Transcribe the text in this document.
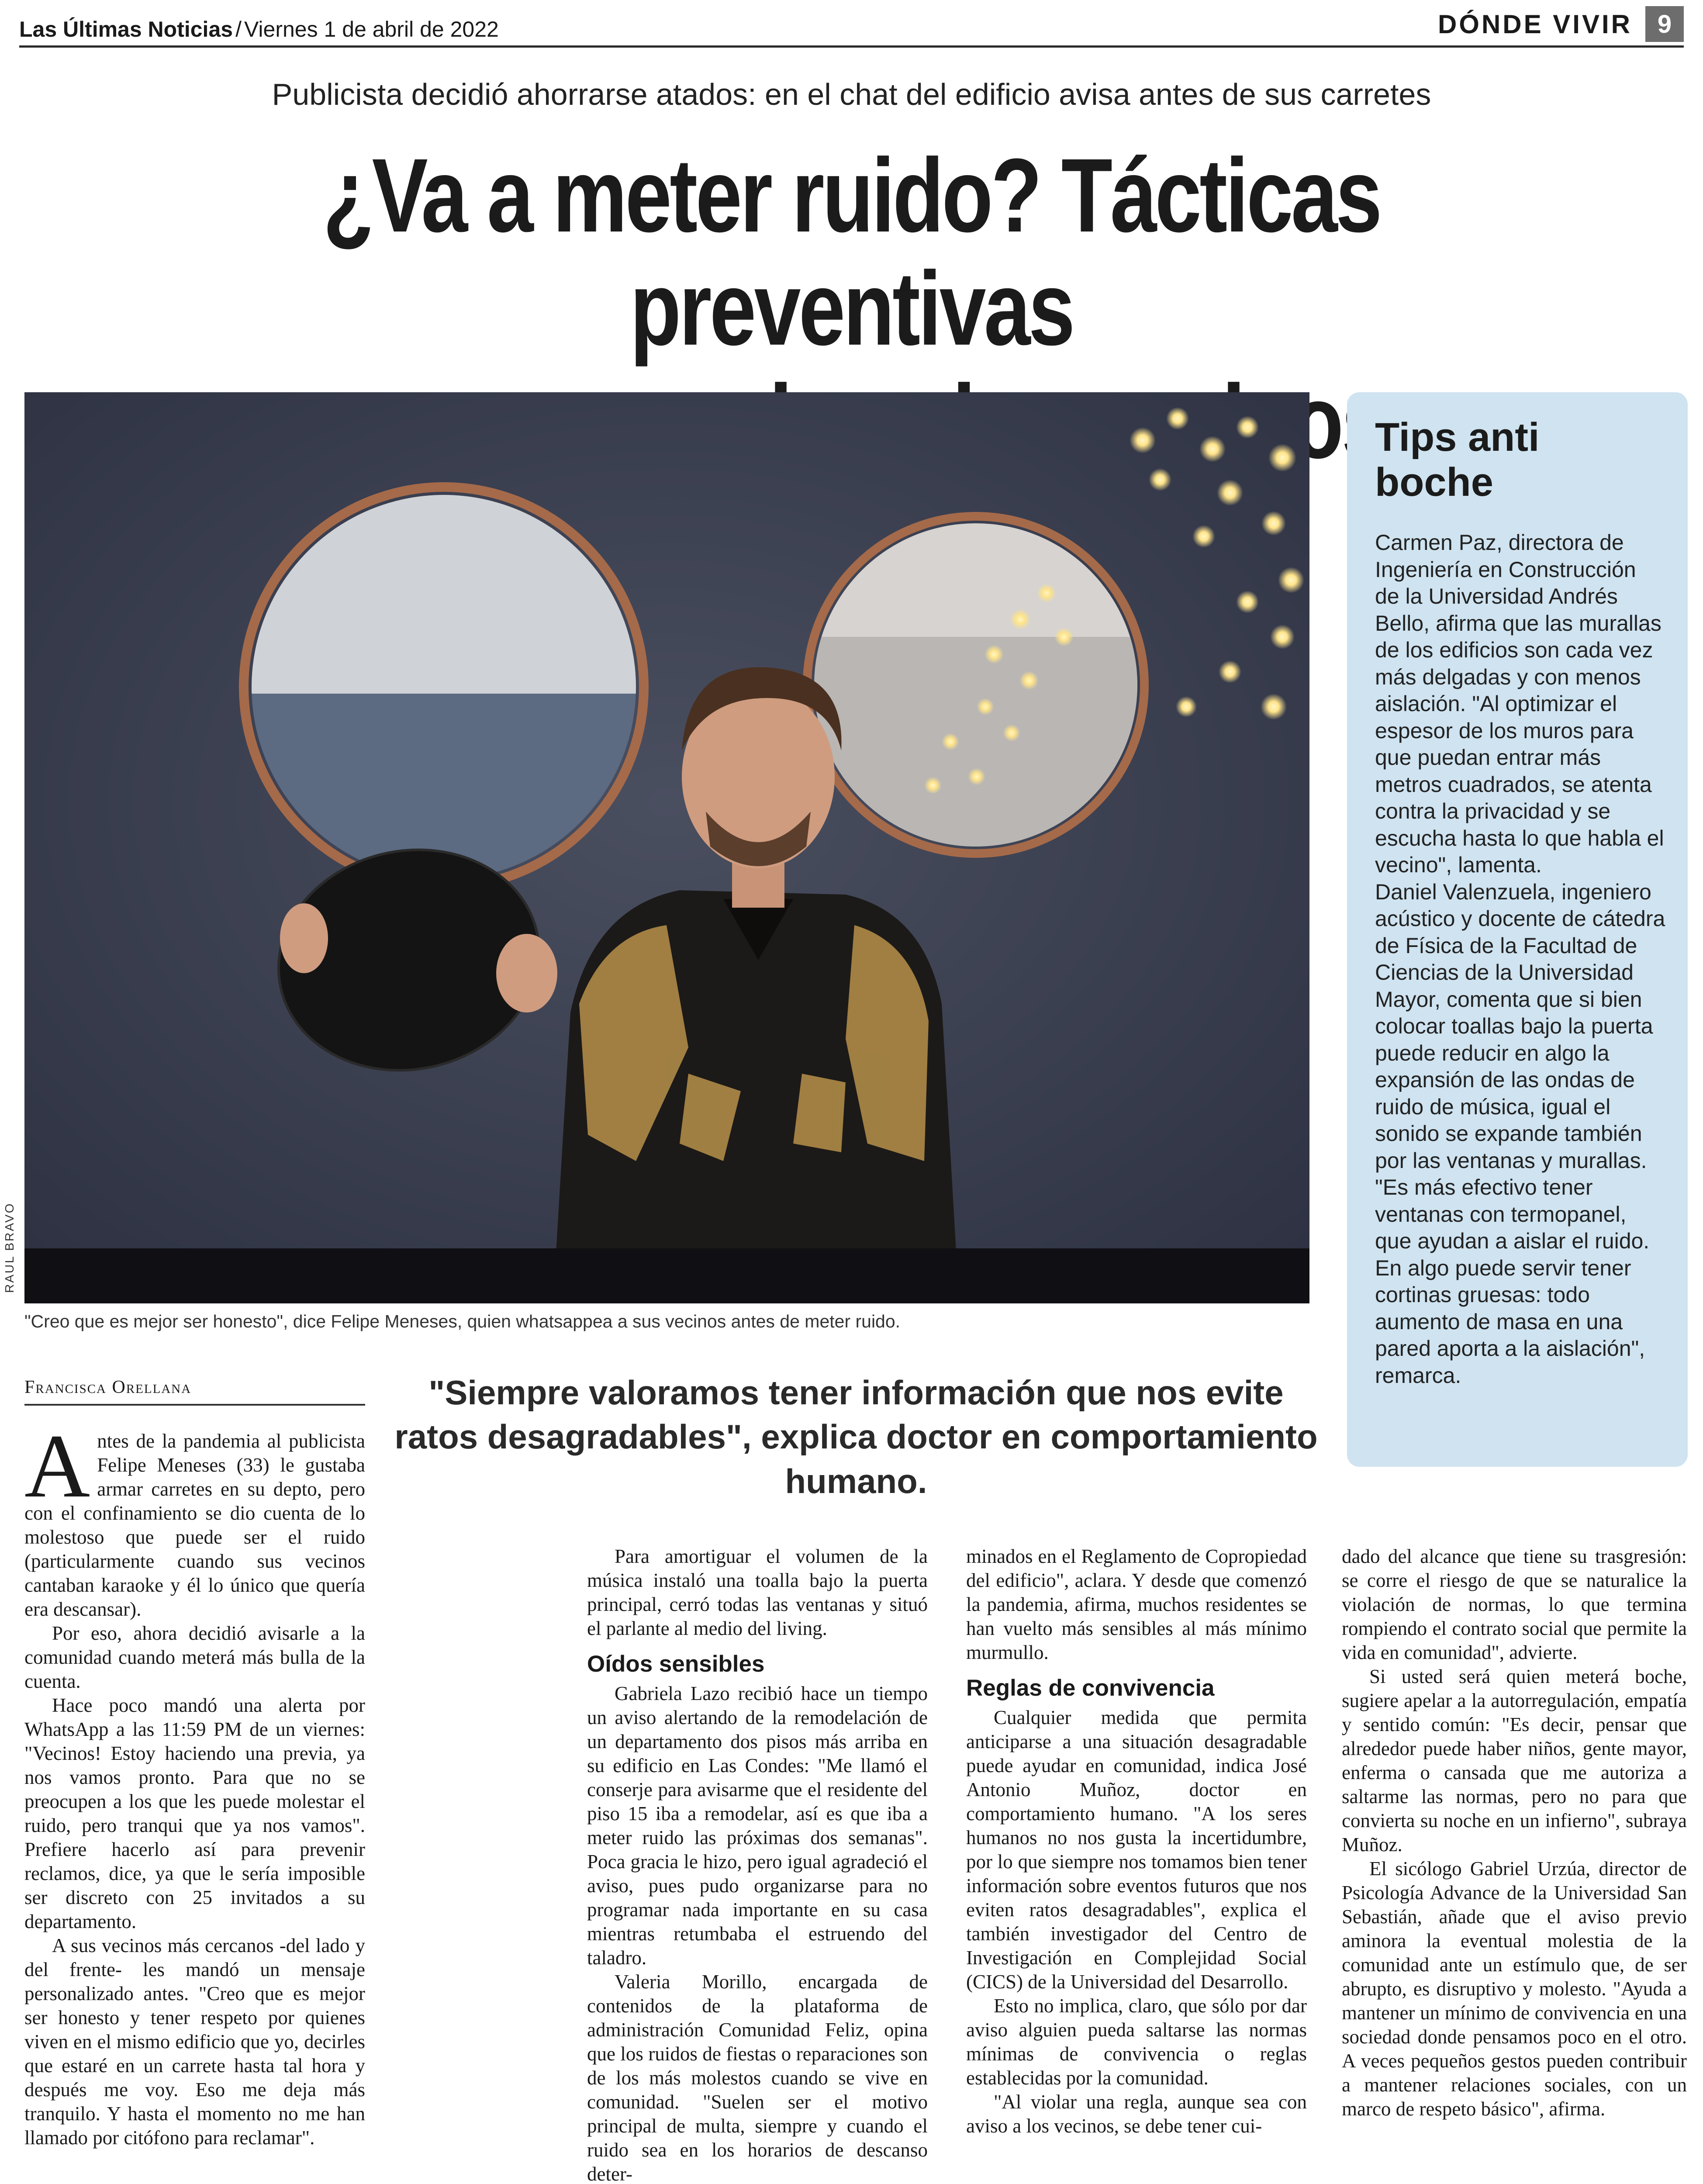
Las Últimas Noticias / Viernes 1 de abril de 2022	DÓNDE VIVIR 9
Publicista decidió ahorrarse atados: en el chat del edificio avisa antes de sus carretes
¿Va a meter ruido? Tácticas preventivas
RAUL BRAVO
"Creo que es mejor ser honesto", dice Felipe Meneses, quien whatsappea a sus vecinos antes de meter ruido.
Tips anti boche

Carmen Paz, directora de Ingeniería en Construcción de la Universidad Andrés Bello, afirma que las murallas de los edificios son cada vez más delgadas y con menos aislación. "Al optimizar el espesor de los muros para que puedan entrar más metros cuadrados, se atenta contra la privacidad y se escucha hasta lo que habla el vecino", lamenta.

Daniel Valenzuela, ingeniero acústico y docente de cátedra de Física de la Facultad de Ciencias de la Universidad Mayor, comenta que si bien colocar toallas bajo la puerta puede reducir en algo la expansión de las ondas de ruido de música, igual el sonido se expande también por las ventanas y murallas. "Es más efectivo tener ventanas con termopanel, que ayudan a aislar el ruido. En algo puede servir tener cortinas gruesas: todo aumento de masa en una pared aporta a la aislación", remarca.

Francisca Orellana	"Siempre valoramos tener información que nos evite ratos desagradables", explica doctor en comportamiento humano.
A ntes de la pandemia al publicista Felipe Meneses (33) le gustaba armar carretes en su depto, pero con el confinamiento se dio cuenta de lo molestoso que puede ser el ruido (particularmente cuando sus vecinos cantaban karaoke y él lo único que quería era descansar).

Por eso, ahora decidió avisarle a la comunidad cuando meterá más bulla de la cuenta.

Hace poco mandó una alerta por WhatsApp a las 11:59 PM de un viernes: "Vecinos! Estoy haciendo una previa, ya nos vamos pronto. Para que no se preocupen a los que les puede molestar el ruido, pero tranqui que ya nos vamos". Prefiere hacerlo así para prevenir reclamos, dice, ya que le sería imposible ser discreto con 25 invitados a su departamento.

A sus vecinos más cercanos -del lado y del frente- les mandó un mensaje personalizado antes. "Creo que es mejor ser honesto y tener respeto por quienes viven en el mismo edificio que yo, decirles que estaré en un carrete hasta tal hora y después me voy. Eso me deja más tranquilo. Y hasta el momento no me han llamado por citófono para reclamar".

Para amortiguar el volumen de la música instaló una toalla bajo la puerta principal, cerró todas las ventanas y situó el parlante al medio del living.

Oídos sensibles

Gabriela Lazo recibió hace un tiempo un aviso alertando de la remodelación de un departamento dos pisos más arriba en su edificio en Las Condes: "Me llamó el conserje para avisarme que el residente del piso 15 iba a remodelar, así es que iba a meter ruido las próximas dos semanas". Poca gracia le hizo, pero igual agradeció el aviso, pues pudo organizarse para no programar nada importante en su casa mientras retumbaba el estruendo del taladro.

Valeria Morillo, encargada de contenidos de la plataforma de administración Comunidad Feliz, opina que los ruidos de fiestas o reparaciones son de los más molestos cuando se vive en comunidad. "Suelen ser el motivo principal de multa, siempre y cuando el ruido sea en los horarios de descanso deter-

minados en el Reglamento de Copropiedad del edificio", aclara. Y desde que comenzó la pandemia, afirma, muchos residentes se han vuelto más sensibles al más mínimo murmullo.

Reglas de convivencia

Cualquier medida que permita anticiparse a una situación desagradable puede ayudar en comunidad, indica José Antonio Muñoz, doctor en comportamiento humano. "A los seres humanos no nos gusta la incertidumbre, por lo que siempre nos tomamos bien tener información sobre eventos futuros que nos eviten ratos desagradables", explica el también investigador del Centro de Investigación en Complejidad Social (CICS) de la Universidad del Desarrollo.

Esto no implica, claro, que sólo por dar aviso alguien pueda saltarse las normas mínimas de convivencia o reglas establecidas por la comunidad.

"Al violar una regla, aunque sea con aviso a los vecinos, se debe tener cui-

dado del alcance que tiene su trasgresión: se corre el riesgo de que se naturalice la violación de normas, lo que termina rompiendo el contrato social que permite la vida en comunidad", advierte.

Si usted será quien meterá boche, sugiere apelar a la autorregulación, empatía y sentido común: "Es decir, pensar que alrededor puede haber niños, gente mayor, enferma o cansada que me autoriza a saltarme las normas, pero no para que convierta su noche en un infierno", subraya Muñoz.

El sicólogo Gabriel Urzúa, director de Psicología Advance de la Universidad San Sebastián, añade que el aviso previo aminora la eventual molestia de la comunidad ante un estímulo que, de ser abrupto, es disruptivo y molesto. "Ayuda a mantener un mínimo de convivencia en una sociedad donde pensamos poco en el otro. A veces pequeños gestos pueden contribuir a mantener relaciones sociales, con un marco de respeto básico", afirma.
